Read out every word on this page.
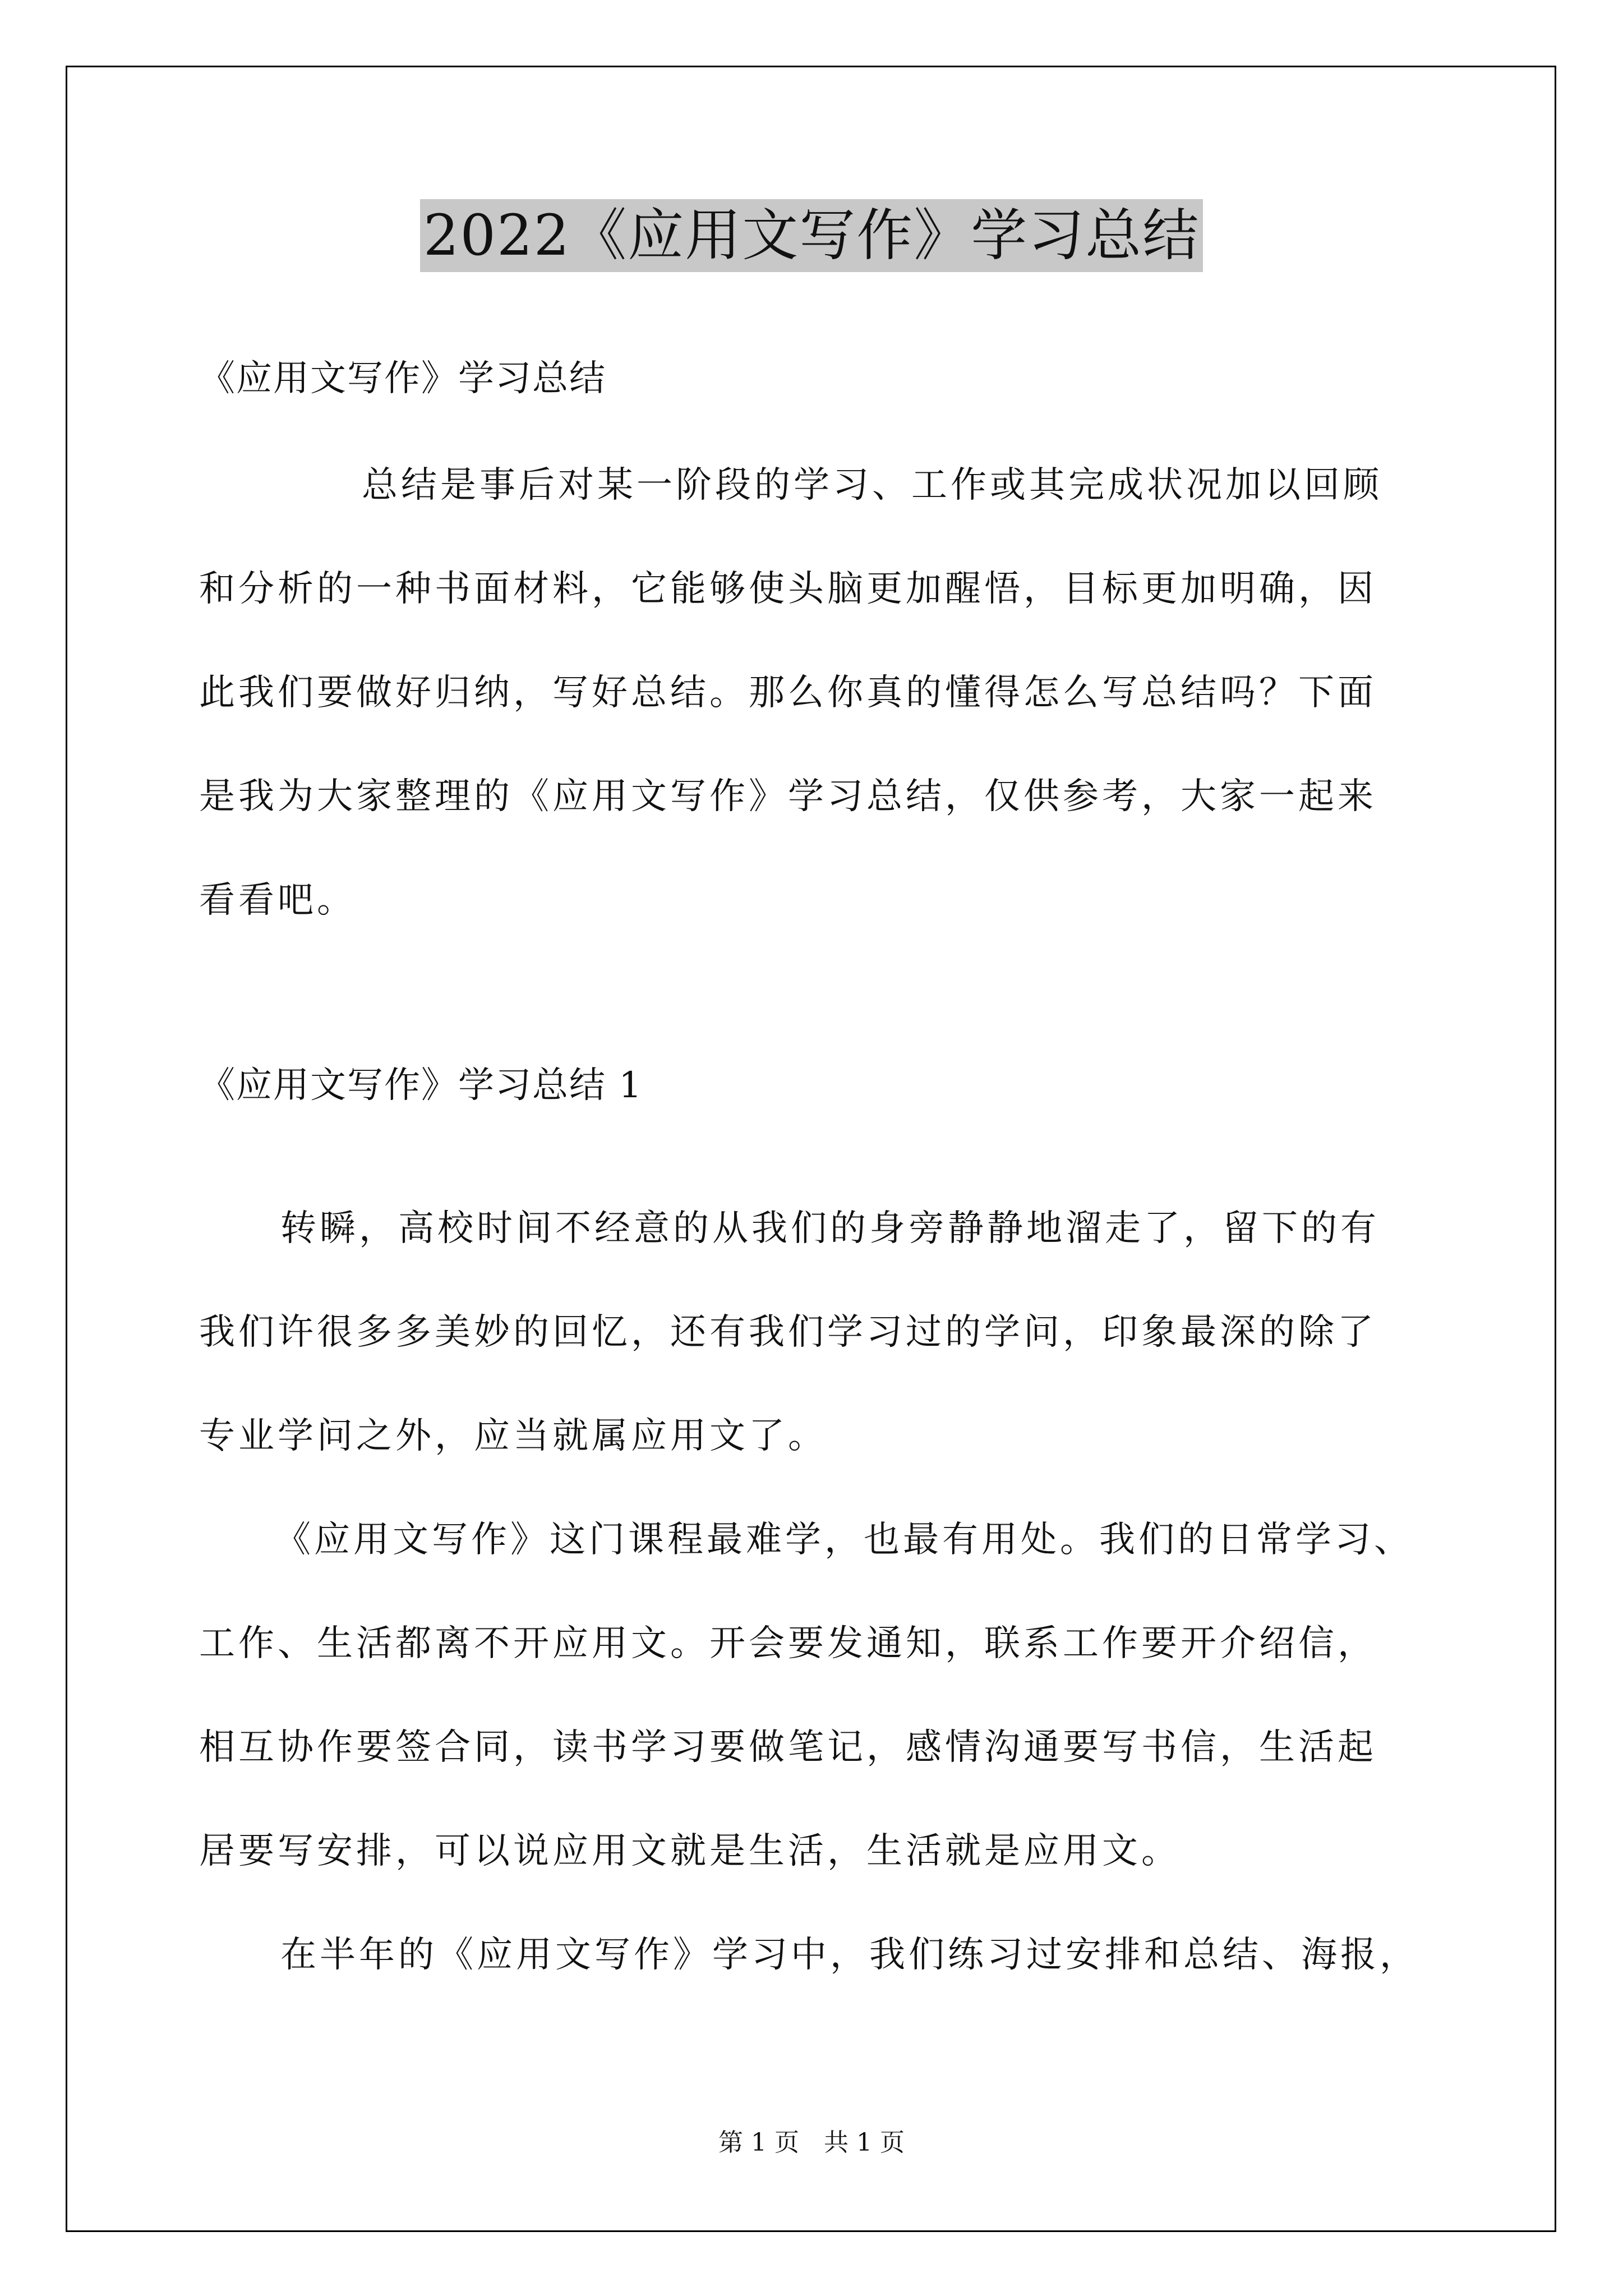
2022《应用文写作》学习总结
《应用文写作》学习总结
总结是事后对某一阶段的学习、工作或其完成状况加以回顾
和分析的一种书面材料，它能够使头脑更加醒悟，目标更加明确，因
此我们要做好归纳，写好总结。那么你真的懂得怎么写总结吗？下面
是我为大家整理的《应用文写作》学习总结，仅供参考，大家一起来
看看吧。
《应用文写作》学习总结 1
转瞬，高校时间不经意的从我们的身旁静静地溜走了，留下的有
我们许很多多美妙的回忆，还有我们学习过的学问，印象最深的除了
专业学问之外，应当就属应用文了。
《应用文写作》这门课程最难学，也最有用处。我们的日常学习、
工作、生活都离不开应用文。开会要发通知，联系工作要开介绍信，
相互协作要签合同，读书学习要做笔记，感情沟通要写书信，生活起
居要写安排，可以说应用文就是生活，生活就是应用文。
在半年的《应用文写作》学习中，我们练习过安排和总结、海报，
第 1 页　共 1 页
